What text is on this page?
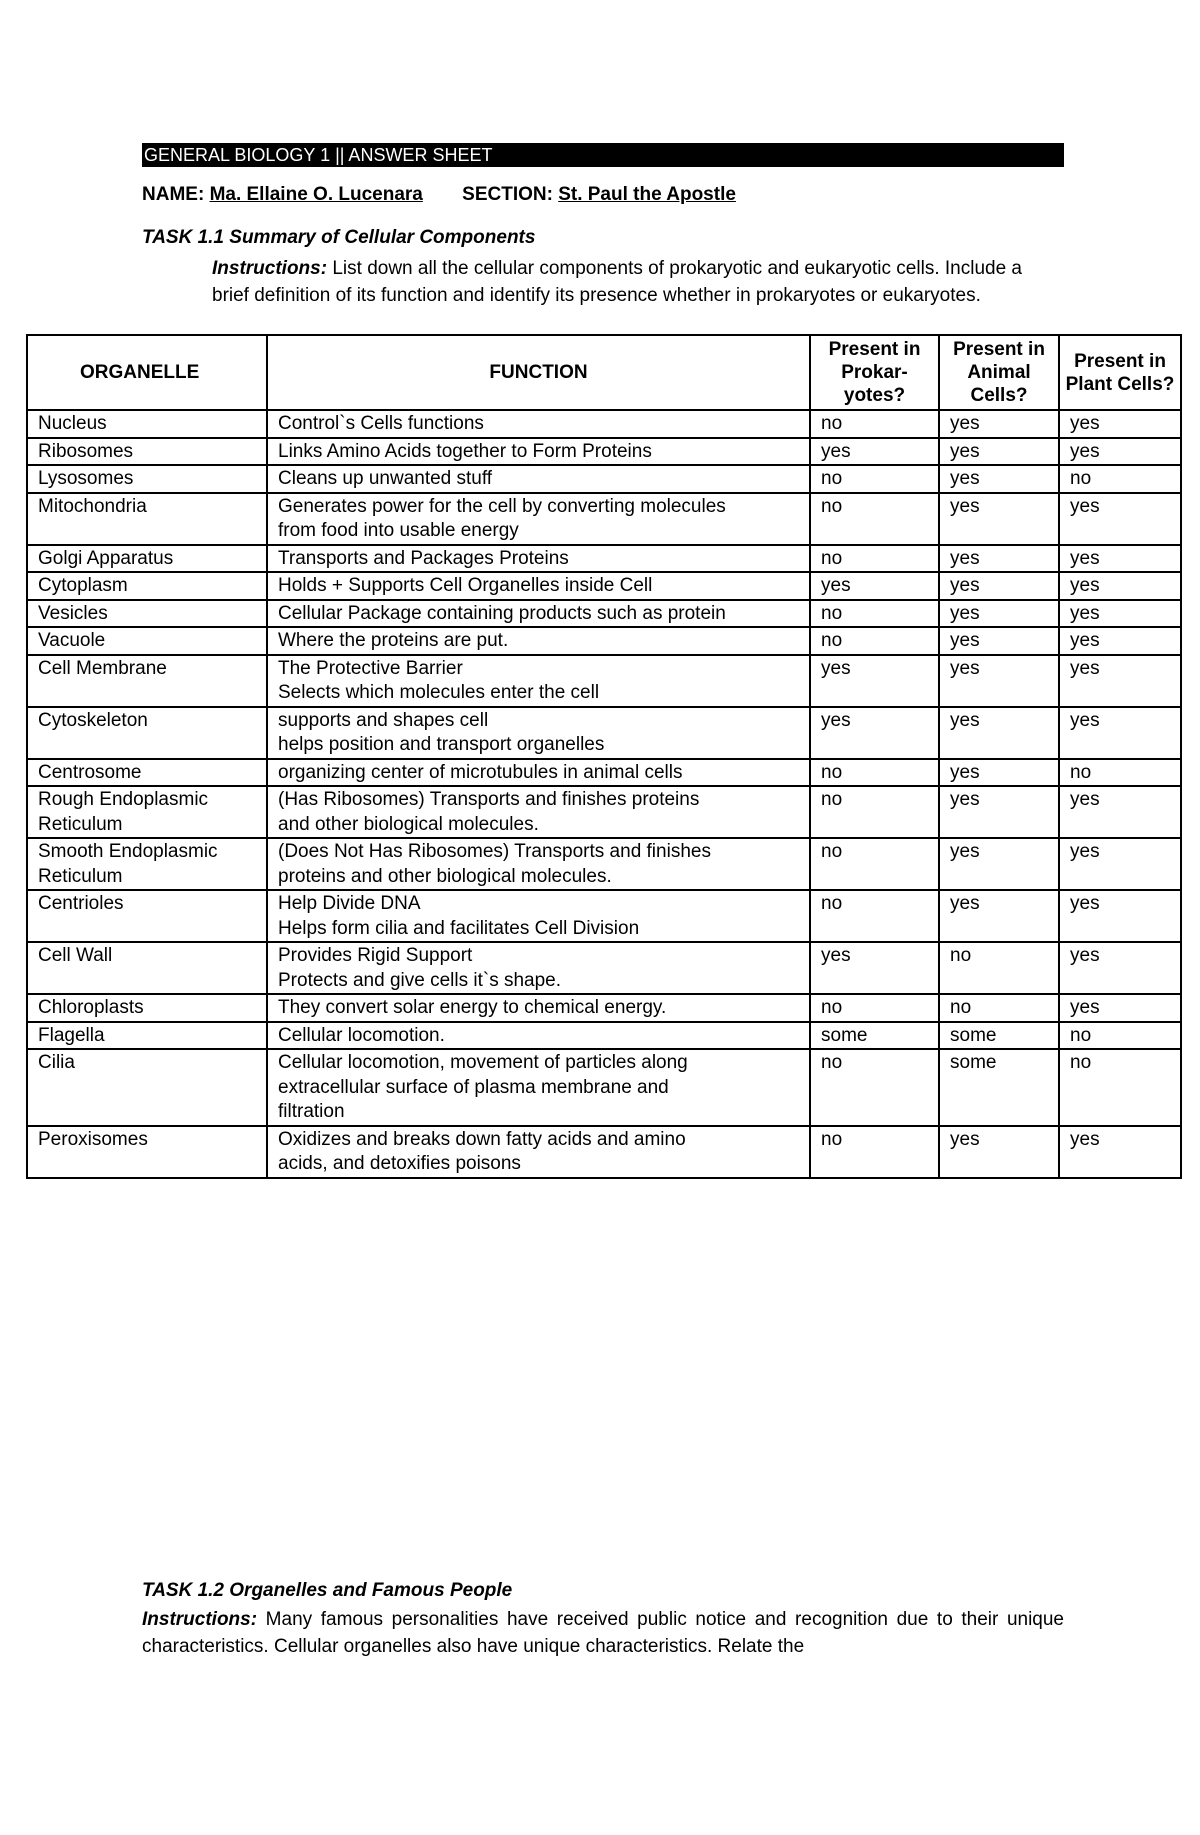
GENERAL BIOLOGY 1 || ANSWER SHEET
NAME: Ma. Ellaine O. Lucenara SECTION: St. Paul the Apostle
TASK 1.1 Summary of Cellular Components
Instructions: List down all the cellular components of prokaryotic and eukaryotic cells. Include a brief definition of its function and identify its presence whether in prokaryotes or eukaryotes.
ORGANELLE	FUNCTION	Present in Prokar-yotes?	Present in Animal Cells?	Present in Plant Cells?
Nucleus	Control`s Cells functions	no	yes	yes
Ribosomes	Links Amino Acids together to Form Proteins	yes	yes	yes
Lysosomes	Cleans up unwanted stuff	no	yes	no
Mitochondria	Generates power for the cell by converting molecules
from food into usable energy	no	yes	yes
Golgi Apparatus	Transports and Packages Proteins	no	yes	yes
Cytoplasm	Holds + Supports Cell Organelles inside Cell	yes	yes	yes
Vesicles	Cellular Package containing products such as protein	no	yes	yes
Vacuole	Where the proteins are put.	no	yes	yes
Cell Membrane	The Protective Barrier
Selects which molecules enter the cell	yes	yes	yes
Cytoskeleton	supports and shapes cell
helps position and transport organelles	yes	yes	yes
Centrosome	organizing center of microtubules in animal cells	no	yes	no
Rough Endoplasmic Reticulum	(Has Ribosomes) Transports and finishes proteins
and other biological molecules.	no	yes	yes
Smooth Endoplasmic Reticulum	(Does Not Has Ribosomes) Transports and finishes
proteins and other biological molecules.	no	yes	yes
Centrioles	Help Divide DNA
Helps form cilia and facilitates Cell Division	no	yes	yes
Cell Wall	Provides Rigid Support
Protects and give cells it`s shape.	yes	no	yes
Chloroplasts	They convert solar energy to chemical energy.	no	no	yes
Flagella	Cellular locomotion.	some	some	no
Cilia	Cellular locomotion, movement of particles along
extracellular surface of plasma membrane and
filtration	no	some	no
Peroxisomes	Oxidizes and breaks down fatty acids and amino
acids, and detoxifies poisons	no	yes	yes
TASK 1.2 Organelles and Famous People
Instructions: Many famous personalities have received public notice and recognition due to their unique characteristics. Cellular organelles also have unique characteristics. Relate the
